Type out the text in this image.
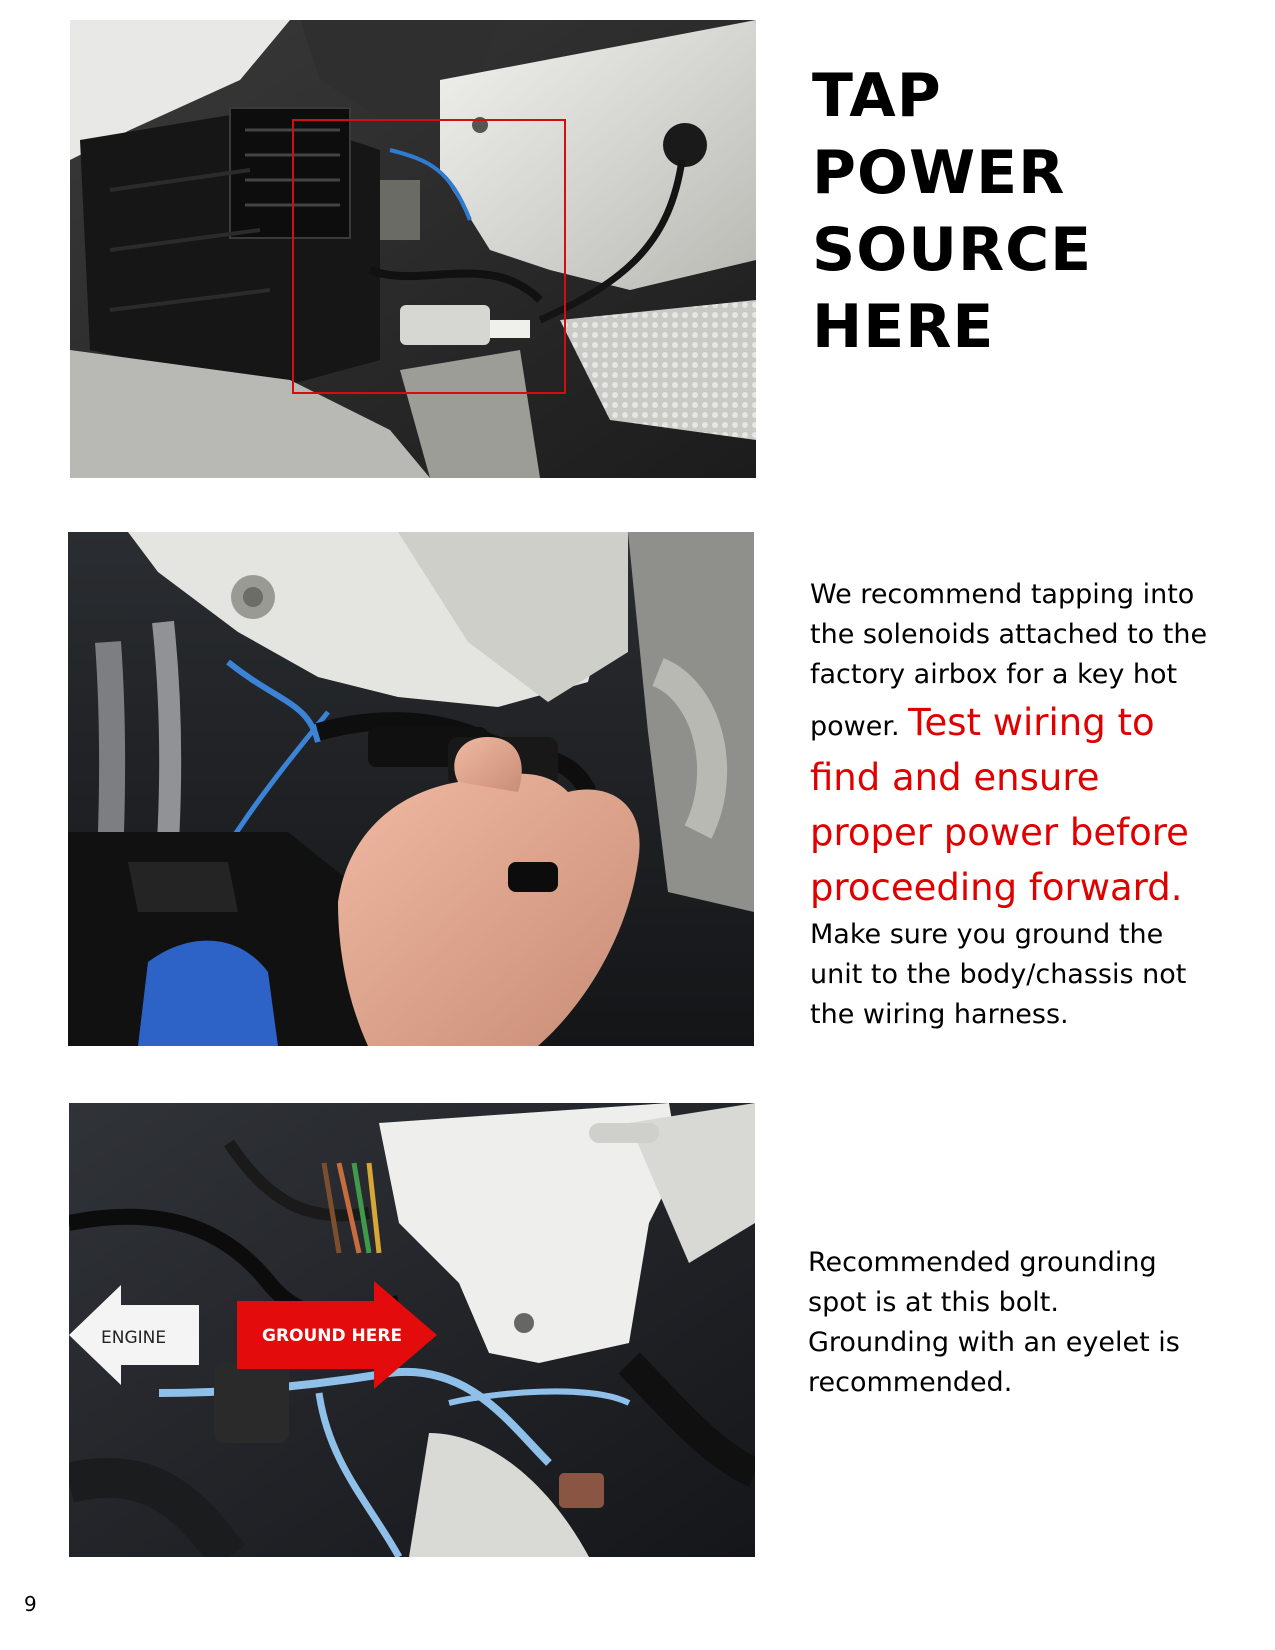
TAP
POWER
SOURCE
HERE
We recommend tapping into the solenoids attached to the factory airbox for a key hot power. Test wiring to find and ensure proper power before proceeding forward.
Make sure you ground the unit to the body/chassis not the wiring harness.
ENGINE	GROUND HERE
Recommended grounding spot is at this bolt. Grounding with an eyelet is recommended.
9
